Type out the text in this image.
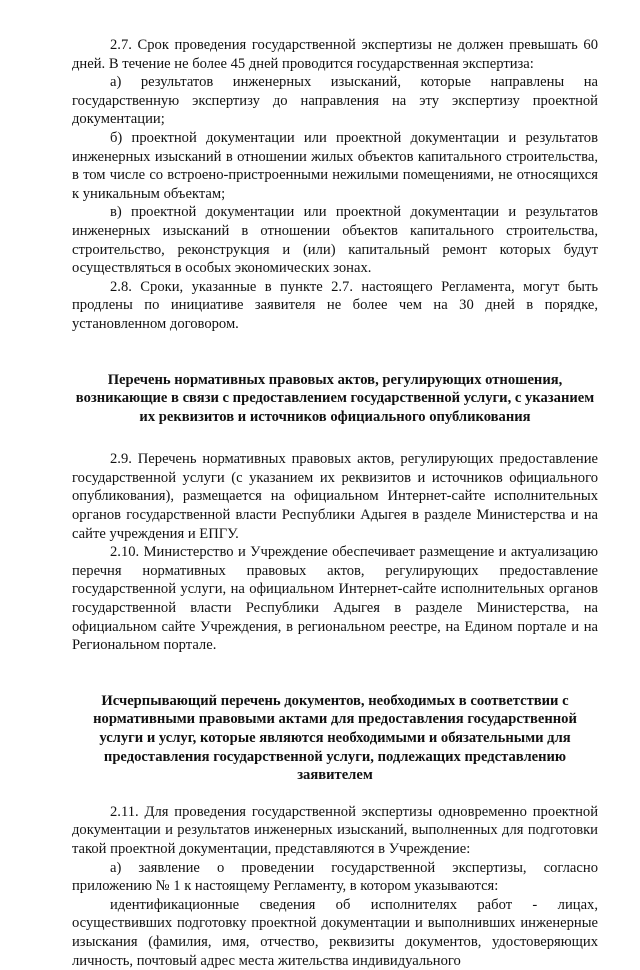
2.7. Срок проведения государственной экспертизы не должен превышать 60 дней. В течение не более 45 дней проводится государственная экспертиза:

а) результатов инженерных изысканий, которые направлены на государственную экспертизу до направления на эту экспертизу проектной документации;

б) проектной документации или проектной документации и результатов инженерных изысканий в отношении жилых объектов капитального строительства, в том числе со встроено-пристроенными нежилыми помещениями, не относящихся к уникальным объектам;

в) проектной документации или проектной документации и результатов инженерных изысканий в отношении объектов капитального строительства, строительство, реконструкция и (или) капитальный ремонт которых будут осуществляться в особых экономических зонах.

2.8. Сроки, указанные в пункте 2.7. настоящего Регламента, могут быть продлены по инициативе заявителя не более чем на 30 дней в порядке, установленном договором.

Перечень нормативных правовых актов, регулирующих отношения, возникающие в связи с предоставлением государственной услуги, с указанием их реквизитов и источников официального опубликования

2.9. Перечень нормативных правовых актов, регулирующих предоставление государственной услуги (с указанием их реквизитов и источников официального опубликования), размещается на официальном Интернет-сайте исполнительных органов государственной власти Республики Адыгея в разделе Министерства и на сайте учреждения и ЕПГУ.

2.10. Министерство и Учреждение обеспечивает размещение и актуализацию перечня нормативных правовых актов, регулирующих предоставление государственной услуги, на официальном Интернет-сайте исполнительных органов государственной власти Республики Адыгея в разделе Министерства, на официальном сайте Учреждения, в региональном реестре, на Едином портале и на Региональном портале.

Исчерпывающий перечень документов, необходимых в соответствии с нормативными правовыми актами для предоставления государственной услуги и услуг, которые являются необходимыми и обязательными для предоставления государственной услуги, подлежащих представлению заявителем

2.11. Для проведения государственной экспертизы одновременно проектной документации и результатов инженерных изысканий, выполненных для подготовки такой проектной документации, представляются в Учреждение:

а) заявление о проведении государственной экспертизы, согласно приложению № 1 к настоящему Регламенту, в котором указываются:

идентификационные сведения об исполнителях работ - лицах, осуществивших подготовку проектной документации и выполнивших инженерные изыскания (фамилия, имя, отчество, реквизиты документов, удостоверяющих личность, почтовый адрес места жительства индивидуального
